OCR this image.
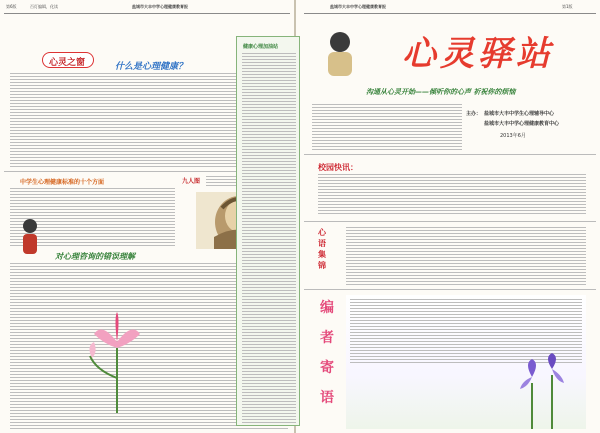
第6版	百灯编辑，化读	盐城市大丰中学心理健康教育报
心灵之窗	什么是心理健康？
中学生心理健康标准的十个方面	九人图
对心理咨询的错误理解
盐城市大丰中学心理健康教育报	第1版
心灵驿站
沟通从心灵开始——倾听你的心声 祈祝你的烦恼
主办： 盐城市大丰中学生心理辅导中心
盐城市大丰中学心理健康教育中心
2013年6月
校园快讯：
心语集锦
编
者
寄
语
健康心理加油站
